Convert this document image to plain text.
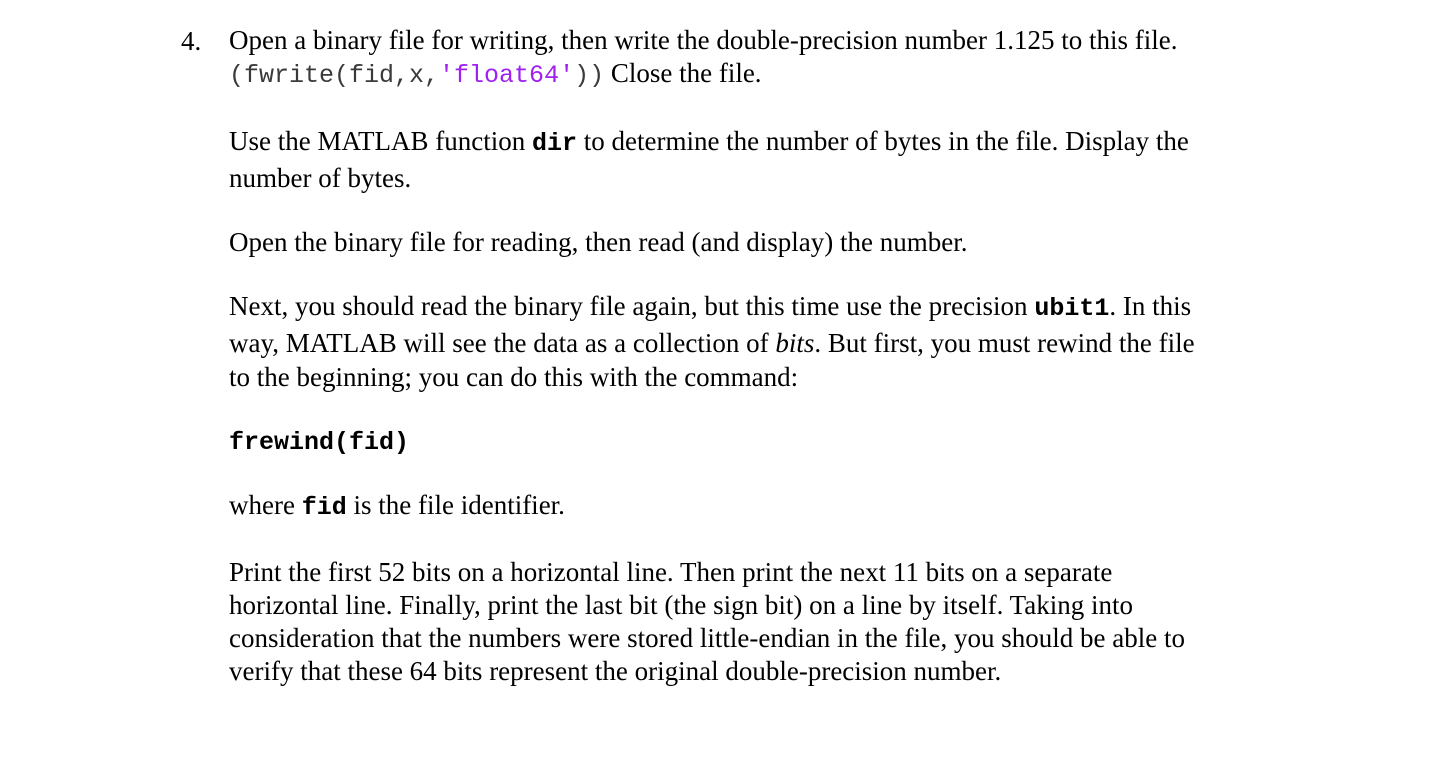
4. Open a binary file for writing, then write the double-precision number 1.125 to this file.
(fwrite(fid,x,'float64')) Close the file.

Use the MATLAB function dir to determine the number of bytes in the file. Display the
number of bytes.

Open the binary file for reading, then read (and display) the number.

Next, you should read the binary file again, but this time use the precision ubit1. In this
way, MATLAB will see the data as a collection of bits. But first, you must rewind the file
to the beginning; you can do this with the command:

frewind(fid)

where fid is the file identifier.

Print the first 52 bits on a horizontal line. Then print the next 11 bits on a separate
horizontal line. Finally, print the last bit (the sign bit) on a line by itself. Taking into
consideration that the numbers were stored little-endian in the file, you should be able to
verify that these 64 bits represent the original double-precision number.
